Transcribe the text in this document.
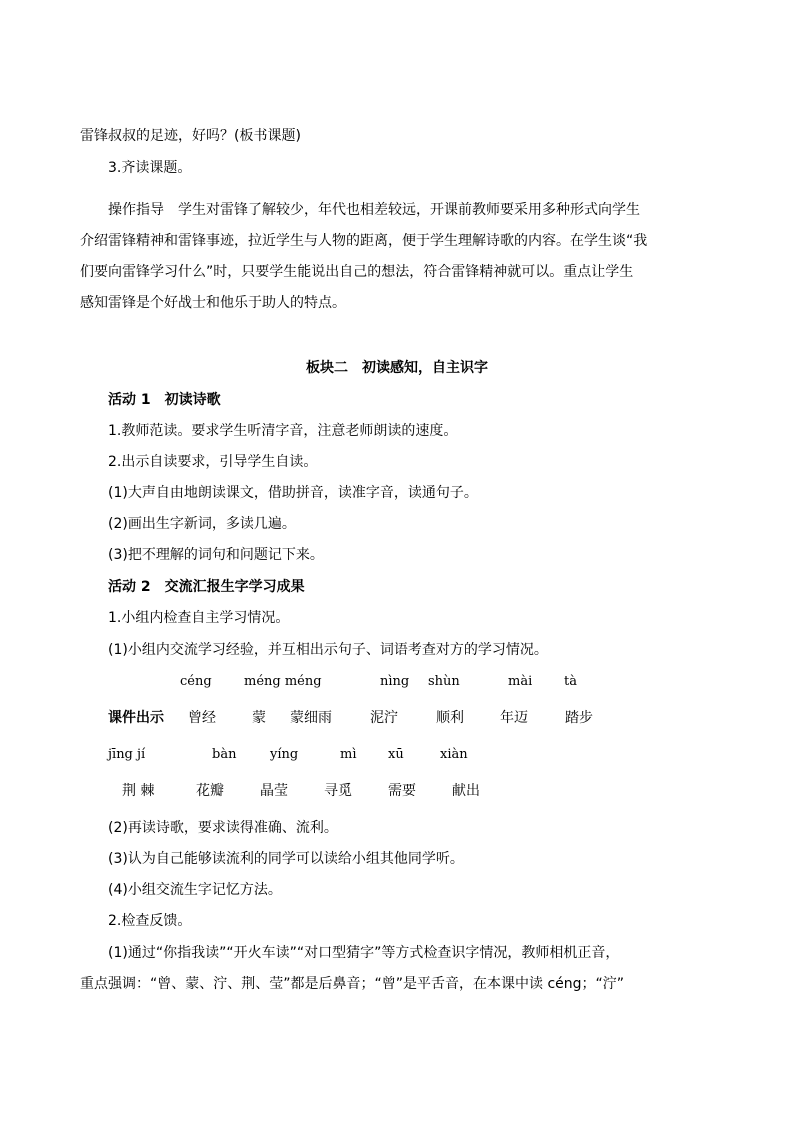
雷锋叔叔的足迹，好吗？(板书课题)
3.齐读课题。
操作指导 学生对雷锋了解较少，年代也相差较远，开课前教师要采用多种形式向学生
介绍雷锋精神和雷锋事迹，拉近学生与人物的距离，便于学生理解诗歌的内容。在学生谈“我
们要向雷锋学习什么”时，只要学生能说出自己的想法，符合雷锋精神就可以。重点让学生
感知雷锋是个好战士和他乐于助人的特点。
板块二　初读感知，自主识字
活动 1　初读诗歌
1.教师范读。要求学生听清字音，注意老师朗读的速度。
2.出示自读要求，引导学生自读。
(1)大声自由地朗读课文，借助拼音，读准字音，读通句子。
(2)画出生字新词，多读几遍。
(3)把不理解的词句和问题记下来。
活动 2　交流汇报生字学习成果
1.小组内检查自主学习情况。
(1)小组内交流学习经验，并互相出示句子、词语考查对方的学习情况。
céng méng méng	nìng shùn	mài tà
课件出示 曾经	蒙 蒙细雨	泥泞	顺利	年迈	踏步
jīng jí	bàn	yíng	mì xū	xiàn
荆 棘	花瓣	晶莹	寻觅	需要	献出
(2)再读诗歌，要求读得准确、流利。
(3)认为自己能够读流利的同学可以读给小组其他同学听。
(4)小组交流生字记忆方法。
2.检查反馈。
(1)通过“你指我读”“开火车读”“对口型猜字”等方式检查识字情况，教师相机正音，
重点强调：“曾、蒙、泞、荆、莹”都是后鼻音；“曾”是平舌音，在本课中读 céng；“泞”
